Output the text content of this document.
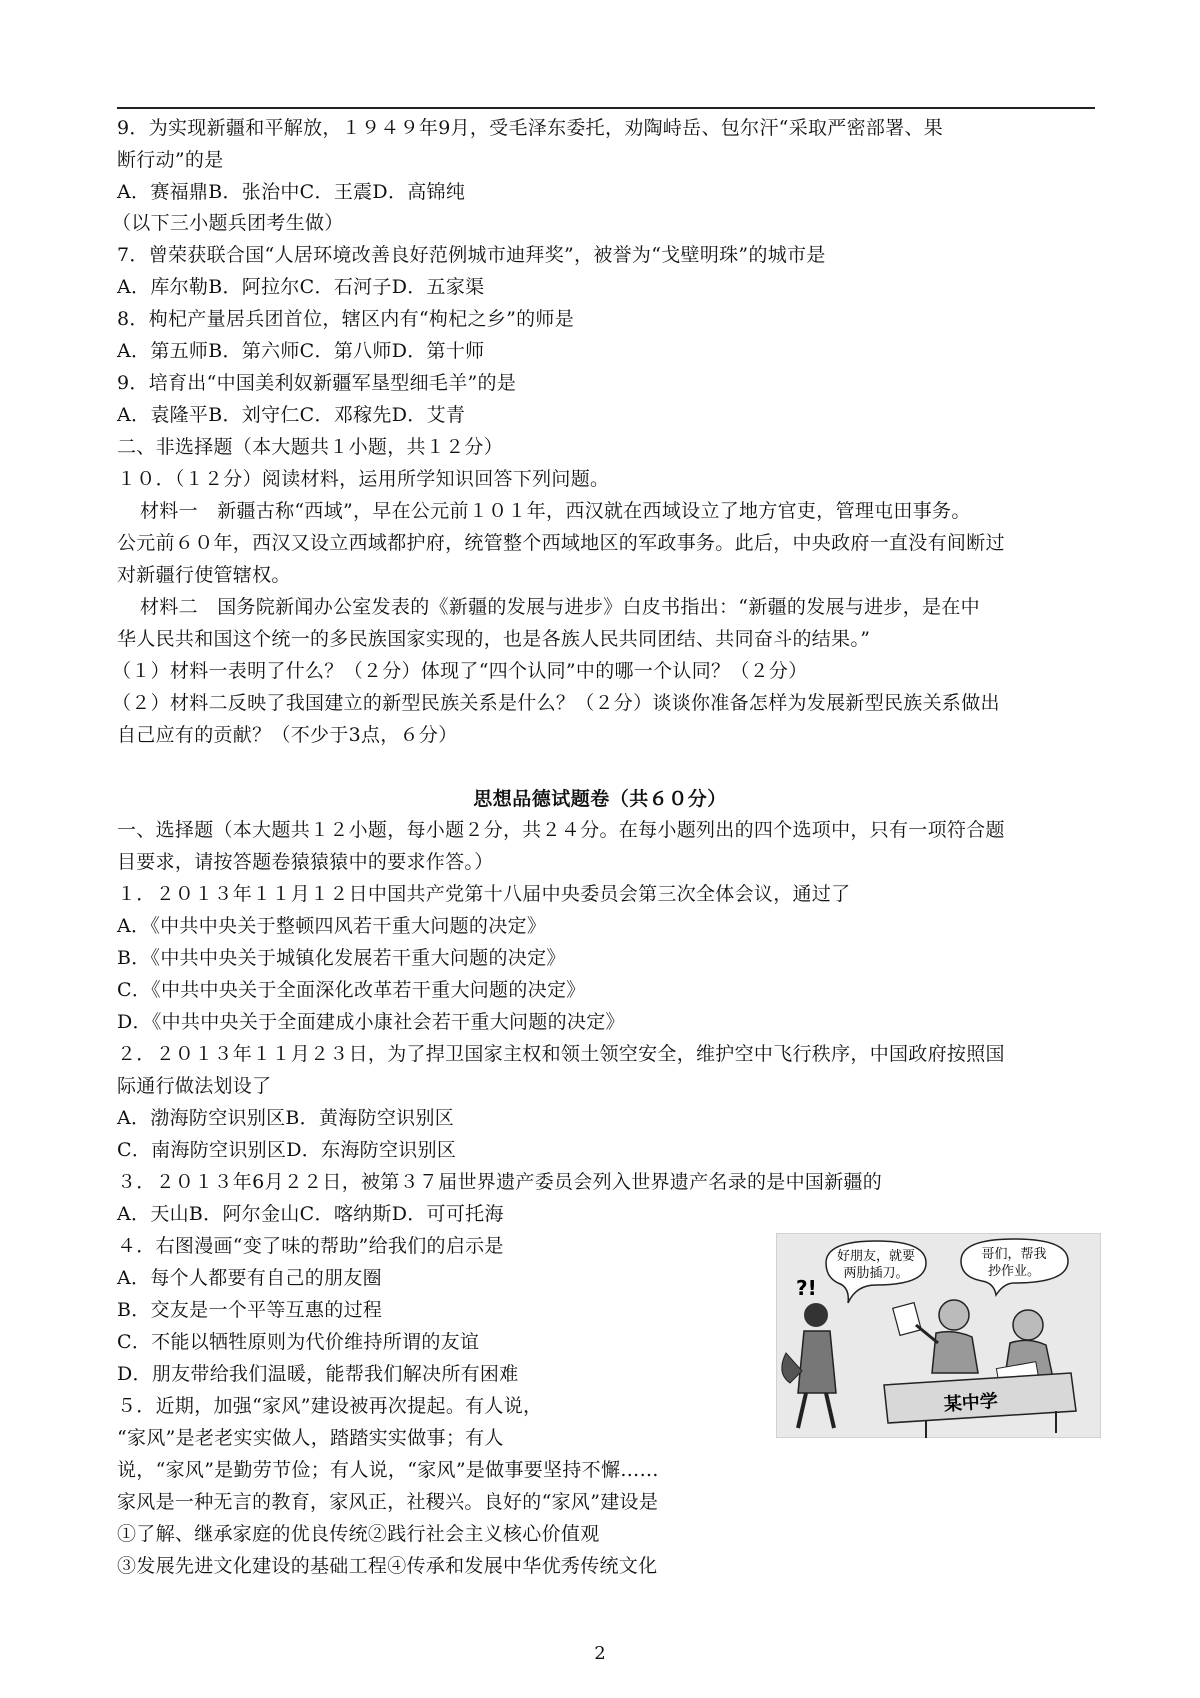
9．为实现新疆和平解放，１９４９年9月，受毛泽东委托，劝陶峙岳、包尔汗“采取严密部署、果
断行动”的是
A．赛福鼎B．张治中C．王震D．高锦纯
（以下三小题兵团考生做）
7．曾荣获联合国“人居环境改善良好范例城市迪拜奖”，被誉为“戈壁明珠”的城市是
A．库尔勒B．阿拉尔C．石河子D．五家渠
8．枸杞产量居兵团首位，辖区内有“枸杞之乡”的师是
A．第五师B．第六师C．第八师D．第十师
9．培育出“中国美利奴新疆军垦型细毛羊”的是
A．袁隆平B．刘守仁C．邓稼先D．艾青
二、非选择题（本大题共１小题，共１２分）
１０．（１２分）阅读材料，运用所学知识回答下列问题。
材料一　新疆古称“西域”，早在公元前１０１年，西汉就在西域设立了地方官吏，管理屯田事务。
公元前６０年，西汉又设立西域都护府，统管整个西域地区的军政事务。此后，中央政府一直没有间断过
对新疆行使管辖权。
材料二　国务院新闻办公室发表的《新疆的发展与进步》白皮书指出：“新疆的发展与进步，是在中
华人民共和国这个统一的多民族国家实现的，也是各族人民共同团结、共同奋斗的结果。”
（１）材料一表明了什么？（２分）体现了“四个认同”中的哪一个认同？（２分）
（２）材料二反映了我国建立的新型民族关系是什么？（２分）谈谈你准备怎样为发展新型民族关系做出
自己应有的贡献？（不少于3点，６分）
思想品德试题卷（共６０分）
一、选择题（本大题共１２小题，每小题２分，共２４分。在每小题列出的四个选项中，只有一项符合题
目要求，请按答题卷猿猿猿中的要求作答。）
１．２０１３年１１月１２日中国共产党第十八届中央委员会第三次全体会议，通过了
A．《中共中央关于整顿四风若干重大问题的决定》
B．《中共中央关于城镇化发展若干重大问题的决定》
C．《中共中央关于全面深化改革若干重大问题的决定》
D．《中共中央关于全面建成小康社会若干重大问题的决定》
２．２０１３年１１月２３日，为了捍卫国家主权和领土领空安全，维护空中飞行秩序，中国政府按照国
际通行做法划设了
A．渤海防空识别区B．黄海防空识别区
C．南海防空识别区D．东海防空识别区
３．２０１３年6月２２日，被第３７届世界遗产委员会列入世界遗产名录的是中国新疆的
A．天山B．阿尔金山C．喀纳斯D．可可托海
４．右图漫画“变了味的帮助”给我们的启示是
A．每个人都要有自己的朋友圈
B．交友是一个平等互惠的过程
C．不能以牺牲原则为代价维持所谓的友谊
D．朋友带给我们温暖，能帮我们解决所有困难
５．近期，加强“家风”建设被再次提起。有人说，
“家风”是老老实实做人，踏踏实实做事；有人
说，“家风”是勤劳节俭；有人说，“家风”是做事要坚持不懈……
家风是一种无言的教育，家风正，社稷兴。良好的“家风”建设是
①了解、继承家庭的优良传统②践行社会主义核心价值观
③发展先进文化建设的基础工程④传承和发展中华优秀传统文化
好朋友，就要
两肋插刀。
哥们，帮我
抄作业。
?!
某中学
2
